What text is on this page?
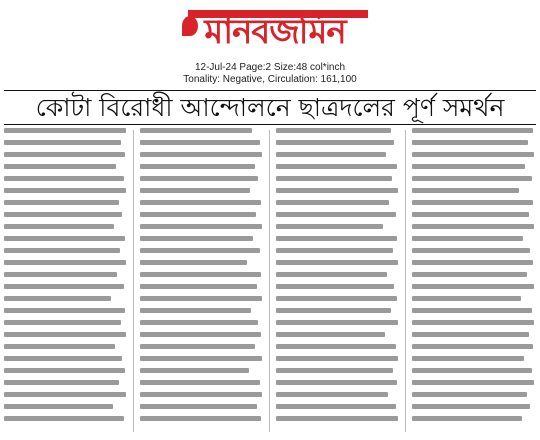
মানবজমিন
12-Jul-24 Page:2 Size:48 col*inch
Tonality: Negative, Circulation: 161,100
কোটা বিরোধী আন্দোলনে ছাত্রদলের পূর্ণ সমর্থন
